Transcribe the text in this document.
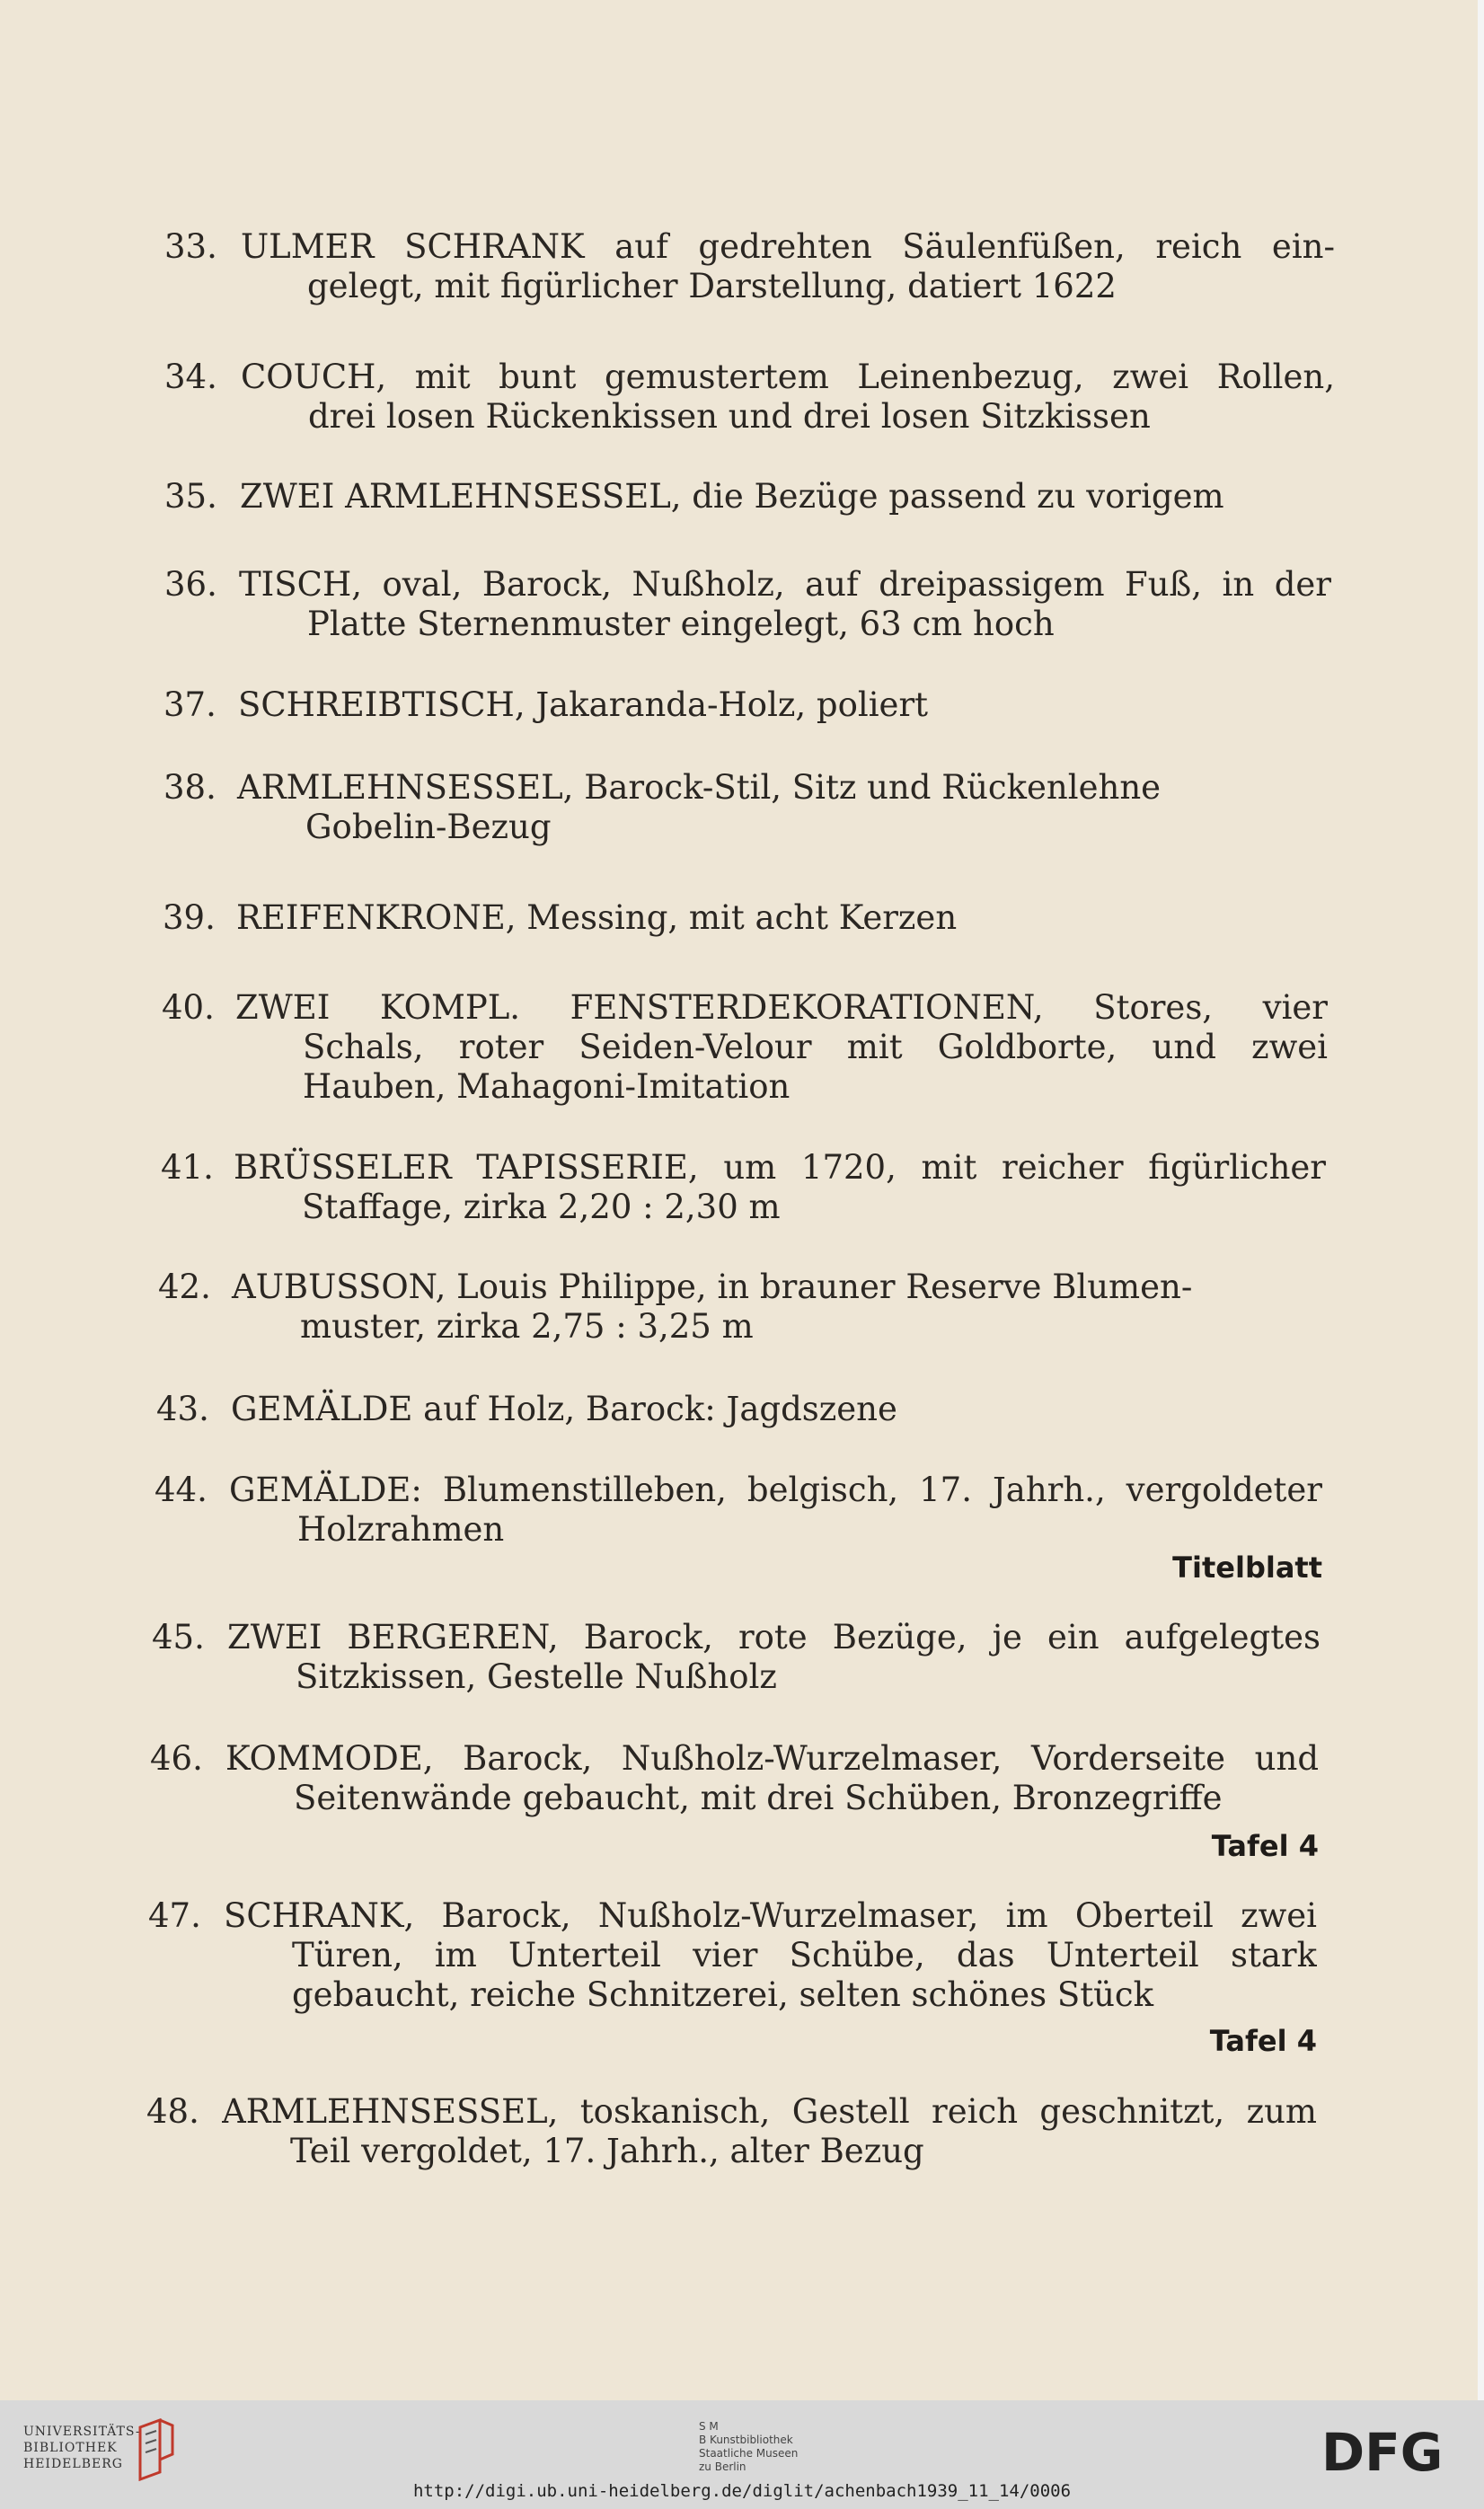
33. ULMER SCHRANK auf gedrehten Säulenfüßen, reich ein-
gelegt, mit figürlicher Darstellung, datiert 1622
34. COUCH, mit bunt gemustertem Leinenbezug, zwei Rollen,
drei losen Rückenkissen und drei losen Sitzkissen
35. ZWEI ARMLEHNSESSEL, die Bezüge passend zu vorigem
36. TISCH, oval, Barock, Nußholz, auf dreipassigem Fuß, in der
Platte Sternenmuster eingelegt, 63 cm hoch
37. SCHREIBTISCH, Jakaranda-Holz, poliert
38. ARMLEHNSESSEL, Barock-Stil, Sitz und Rückenlehne
Gobelin-Bezug
39. REIFENKRONE, Messing, mit acht Kerzen
40. ZWEI KOMPL. FENSTERDEKORATIONEN, Stores, vier
Schals, roter Seiden-Velour mit Goldborte, und zwei
Hauben, Mahagoni-Imitation
41. BRÜSSELER TAPISSERIE, um 1720, mit reicher figürlicher
Staffage, zirka 2,20 : 2,30 m
42. AUBUSSON, Louis Philippe, in brauner Reserve Blumen-
muster, zirka 2,75 : 3,25 m
43. GEMÄLDE auf Holz, Barock: Jagdszene
44. GEMÄLDE: Blumenstilleben, belgisch, 17. Jahrh., vergoldeter
Holzrahmen
Titelblatt
45. ZWEI BERGEREN, Barock, rote Bezüge, je ein aufgelegtes
Sitzkissen, Gestelle Nußholz
46. KOMMODE, Barock, Nußholz-Wurzelmaser, Vorderseite und
Seitenwände gebaucht, mit drei Schüben, Bronzegriffe
Tafel 4
47. SCHRANK, Barock, Nußholz-Wurzelmaser, im Oberteil zwei
Türen, im Unterteil vier Schübe, das Unterteil stark
gebaucht, reiche Schnitzerei, selten schönes Stück
Tafel 4
48. ARMLEHNSESSEL, toskanisch, Gestell reich geschnitzt, zum
Teil vergoldet, 17. Jahrh., alter Bezug
UNIVERSITÄTS-
BIBLIOTHEK
HEIDELBERG
S M
B Kunstbibliothek
Staatliche Museen
zu Berlin	DFG
http://digi.ub.uni-heidelberg.de/diglit/achenbach1939_11_14/0006
